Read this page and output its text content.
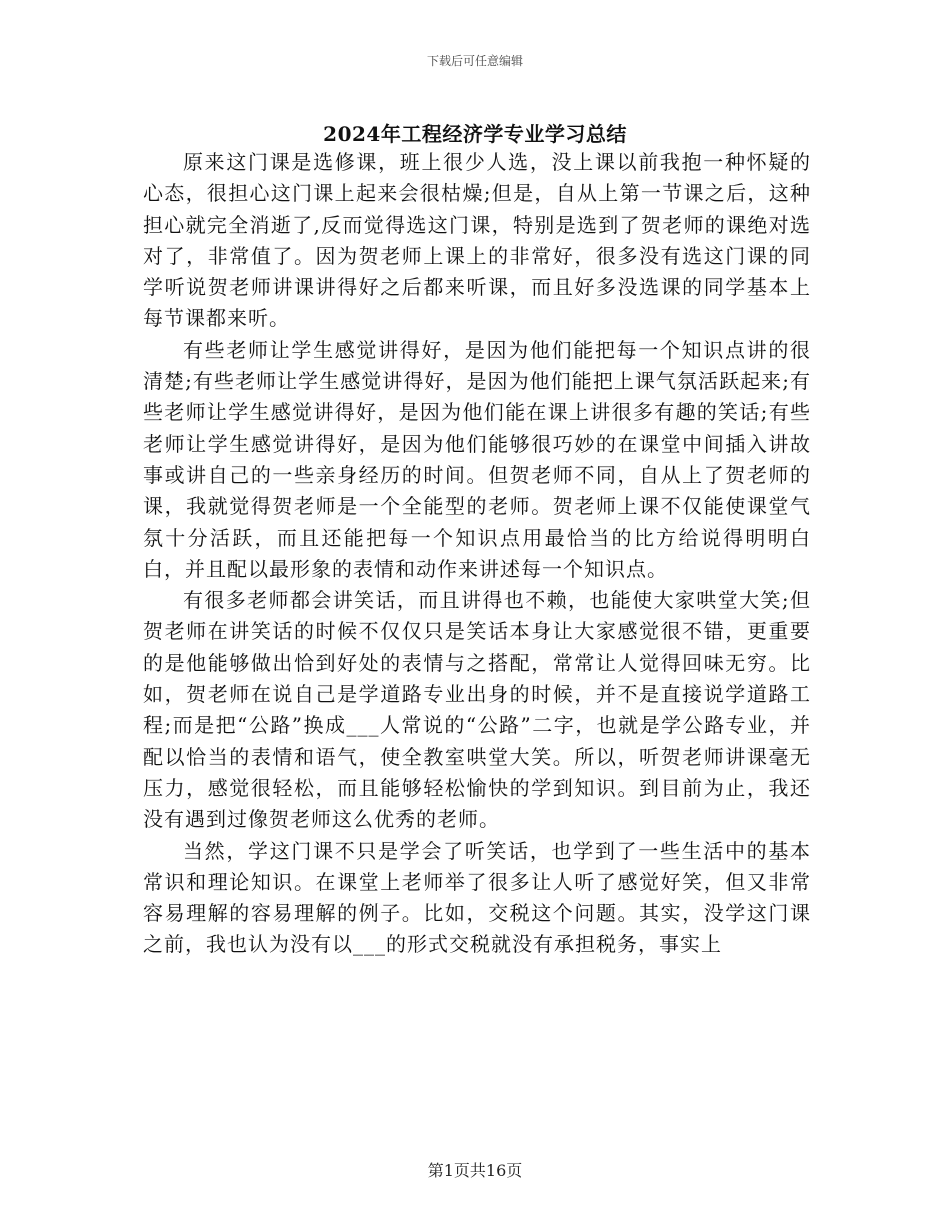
下载后可任意编辑
2024年工程经济学专业学习总结

原来这门课是选修课，班上很少人选，没上课以前我抱一种怀疑的心态，很担心这门课上起来会很枯燥;但是，自从上第一节课之后，这种担心就完全消逝了,反而觉得选这门课，特别是选到了贺老师的课绝对选对了，非常值了。因为贺老师上课上的非常好，很多没有选这门课的同学听说贺老师讲课讲得好之后都来听课，而且好多没选课的同学基本上每节课都来听。

有些老师让学生感觉讲得好，是因为他们能把每一个知识点讲的很清楚;有些老师让学生感觉讲得好，是因为他们能把上课气氛活跃起来;有些老师让学生感觉讲得好，是因为他们能在课上讲很多有趣的笑话;有些老师让学生感觉讲得好，是因为他们能够很巧妙的在课堂中间插入讲故事或讲自己的一些亲身经历的时间。但贺老师不同，自从上了贺老师的课，我就觉得贺老师是一个全能型的老师。贺老师上课不仅能使课堂气氛十分活跃，而且还能把每一个知识点用最恰当的比方给说得明明白白，并且配以最形象的表情和动作来讲述每一个知识点。

有很多老师都会讲笑话，而且讲得也不赖，也能使大家哄堂大笑;但贺老师在讲笑话的时候不仅仅只是笑话本身让大家感觉很不错，更重要的是他能够做出恰到好处的表情与之搭配，常常让人觉得回味无穷。比如，贺老师在说自己是学道路专业出身的时候，并不是直接说学道路工程;而是把“公路”换成___人常说的“公路”二字，也就是学公路专业，并配以恰当的表情和语气，使全教室哄堂大笑。所以，听贺老师讲课毫无压力，感觉很轻松，而且能够轻松愉快的学到知识。到目前为止，我还没有遇到过像贺老师这么优秀的老师。

当然，学这门课不只是学会了听笑话，也学到了一些生活中的基本常识和理论知识。在课堂上老师举了很多让人听了感觉好笑，但又非常容易理解的容易理解的例子。比如，交税这个问题。其实，没学这门课之前，我也认为没有以___的形式交税就没有承担税务，事实上

第1页共16页
